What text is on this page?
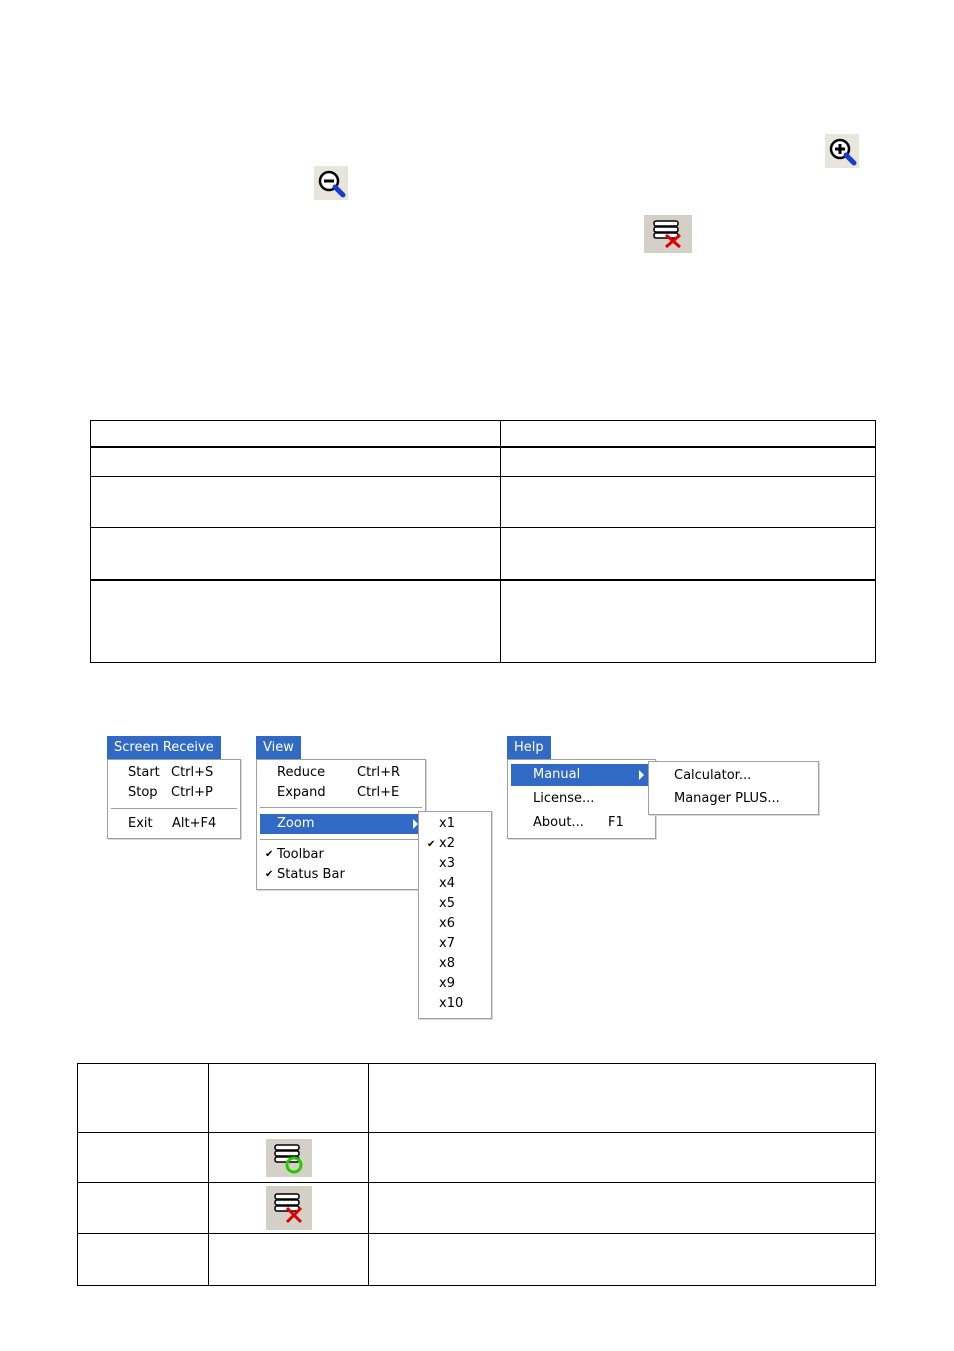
Screen Receive
Start Ctrl+S
Stop Ctrl+P
Exit Alt+F4
View
Reduce Ctrl+R
Expand Ctrl+E
Zoom
✔ Toolbar
✔ Status Bar
x1
✔ x2
x3
x4
x5
x6
x7
x8
x9
x10
Help
Manual
License...
About... F1
Calculator...
Manager PLUS...
